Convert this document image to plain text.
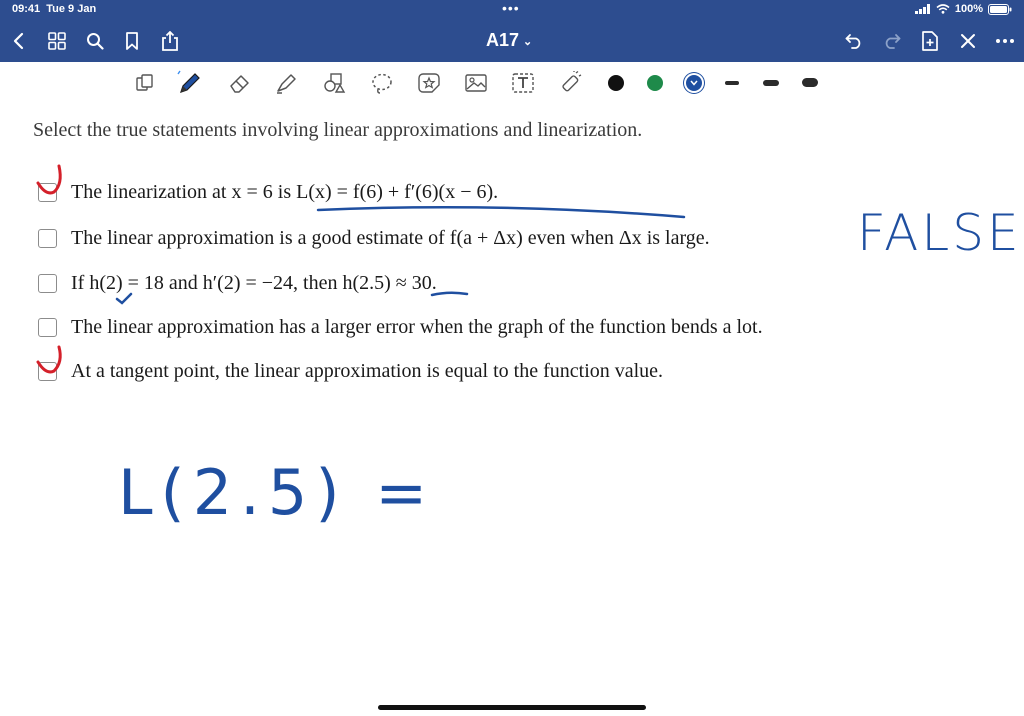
09:41 Tue 9 Jan	•••	100%
A17 ⌄
Select the true statements involving linear approximations and linearization.
The linearization at x = 6 is L(x) = f(6) + f′(6)(x − 6).
The linear approximation is a good estimate of f(a + Δx) even when Δx is large.
If h(2) = 18 and h′(2) = −24, then h(2.5) ≈ 30.
The linear approximation has a larger error when the graph of the function bends a lot.
At a tangent point, the linear approximation is equal to the function value.
FALSE
L(2.5) =
